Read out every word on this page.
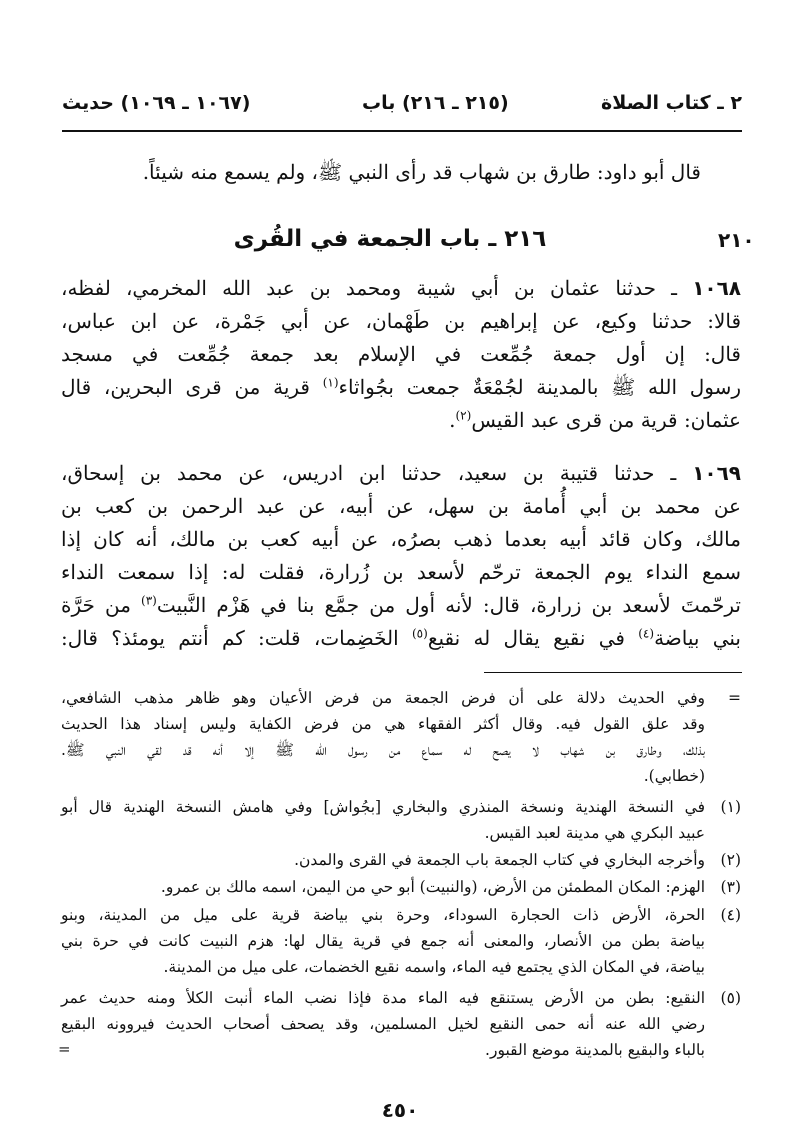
٢ ـ كتاب الصلاة
(٢١٥ ـ ٢١٦) باب
(١٠٦٧ ـ ١٠٦٩) حديث
قال أبو داود: طارق بن شهاب قد رأى النبي ﷺ، ولم يسمع منه شيئاً.
٢١٠
٢١٦ ـ باب الجمعة في القُرى
١٠٦٨ ـ حدثنا عثمان بن أبي شيبة ومحمد بن عبد الله المخرمي، لفظه،
قالا: حدثنا وكيع، عن إبراهيم بن طَهْمان، عن أبي جَمْرة، عن ابن عباس،
قال: إن أول جمعة جُمِّعت في الإسلام بعد جمعة جُمِّعت في مسجد
رسول الله ﷺ بالمدينة لجُمْعَةٌ جمعت بجُواثاء$^{(١)}$ قرية من قرى البحرين، قال
عثمان: قرية من قرى عبد القيس$^{(٢)}$.
١٠٦٩ ـ حدثنا قتيبة بن سعيد، حدثنا ابن ادريس، عن محمد بن إسحاق،
عن محمد بن أبي أُمامة بن سهل، عن أبيه، عن عبد الرحمن بن كعب بن
مالك، وكان قائد أبيه بعدما ذهب بصرُه، عن أبيه كعب بن مالك، أنه كان إذا
سمع النداء يوم الجمعة ترحّم لأسعد بن زُرارة، فقلت له: إذا سمعت النداء
ترحّمتَ لأسعد بن زرارة، قال: لأنه أول من جمَّع بنا في هَزْم النَّبيت$^{(٣)}$ من حَرَّة
بني بياضة$^{(٤)}$ في نقيع يقال له نقيع$^{(٥)}$ الخَضِمات، قلت: كم أنتم يومئذ؟ قال:
=
وفي الحديث دلالة على أن فرض الجمعة من فرض الأعيان وهو ظاهر مذهب الشافعي،
وقد علق القول فيه. وقال أكثر الفقهاء هي من فرض الكفاية وليس إسناد هذا الحديث
بذلك، وطارق بن شهاب لا يصح له سماع من رسول الله ﷺ إلا أنه قد لقي النبي ﷺ.
(خطابي).
(١)
في النسخة الهندية ونسخة المنذري والبخاري [بجُواش] وفي هامش النسخة الهندية قال أبو
عبيد البكري هي مدينة لعبد القيس.
(٢)
وأخرجه البخاري في كتاب الجمعة باب الجمعة في القرى والمدن.
(٣)
الهزم: المكان المطمئن من الأرض، (والنبيت) أبو حي من اليمن، اسمه مالك بن عمرو.
(٤)
الحرة، الأرض ذات الحجارة السوداء، وحرة بني بياضة قرية على ميل من المدينة، وبنو
بياضة بطن من الأنصار، والمعنى أنه جمع في قرية يقال لها: هزم النبيت كانت في حرة بني
بياضة، في المكان الذي يجتمع فيه الماء، واسمه نقيع الخضمات، على ميل من المدينة.
(٥)
النقيع: بطن من الأرض يستنقع فيه الماء مدة فإذا نضب الماء أنبت الكلأ ومنه حديث عمر
رضي الله عنه أنه حمى النقيع لخيل المسلمين، وقد يصحف أصحاب الحديث فيروونه البقيع
بالباء والبقيع بالمدينة موضع القبور.
=
٤٥٠
